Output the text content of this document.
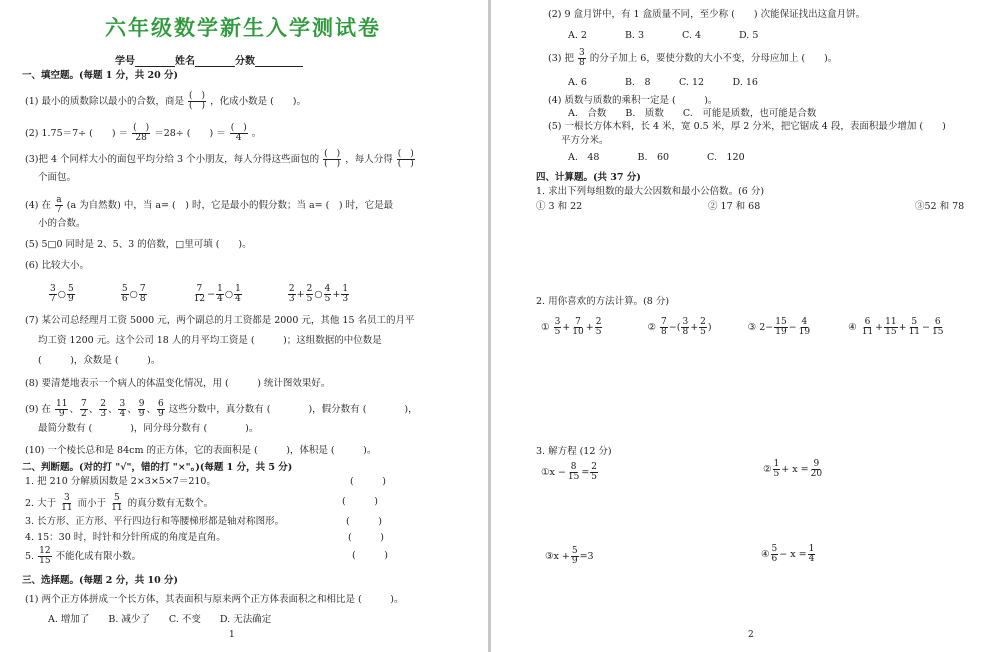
六年级数学新生入学测试卷
学号	姓名	分数
一、填空题。(每题 1 分，共 20 分)
(1) 最小的质数除以最小的合数，商是 $\frac{( )}{( )}$ ，化成小数是 (　　)。
(2) 1.75＝7÷ (　　) ＝ $\frac{( )}{28} =28\div$ (　　) ＝ $\frac{( )}{4}$ 。
(3)把 4 个同样大小的面包平均分给 3 个小朋友，每人分得这些面包的 $\frac{( )}{( )}$ ，每人分得 $\frac{( )}{( )}$
个面包。
(4) 在 $\frac{a}{7} (a$ 为自然数) 中，当 a= (　) 时，它是最小的假分数；当 a= (　) 时，它是最
小的合数。
(5) 5□0 同时是 2、5、3 的倍数，□里可填 (　　)。
(6) 比较大小。
$\frac{3}{7}$ ○ $\frac{5}{9}$
	$\frac{5}{6}$ ○ $\frac{7}{8}$
	$\frac{7}{12} - \frac{1}{4}$ ○ $\frac{1}{4}$
	$\frac{2}{3} + \frac{2}{5}$ ○ $\frac{4}{5} + \frac{1}{3}$
(7) 某公司总经理月工资 5000 元，两个副总的月工资都是 2000 元，其他 15 名员工的月平
均工资 1200 元。这个公司 18 人的月平均工资是 (　　　)；这组数据的中位数是
(　　　)，众数是 (　　　)。
(8) 要清楚地表示一个病人的体温变化情况，用 (　　　) 统计图效果好。
(9) 在 $\frac{11}{9}$ 、 $\frac{7}{2}$ 、 $\frac{2}{3}$ 、 $\frac{3}{4}$ 、 $\frac{9}{9}$ 、 $\frac{6}{9}$ 这些分数中，真分数有 (　　　　)，假分数有 (　　　　)，
最简分数有 (　　　　)，同分母分数有 (　　　　)。
(10) 一个棱长总和是 84cm 的正方体，它的表面积是 (　　　)，体积是 (　　　)。
二、判断题。(对的打 "√"，错的打 "×"。)(每题 1 分，共 5 分)
1. 把 210 分解质因数是 2×3×5×7＝210。	(　　　)
2. 大于 $\frac{3}{11}$ 而小于 $\frac{5}{11}$ 的真分数有无数个。	(　　　)
3. 长方形、正方形、平行四边行和等腰梯形都是轴对称图形。	(　　　)
4. 15：30 时，时针和分针所成的角度是直角。	(　　　)
5. $\frac{12}{15}$ 不能化成有限小数。	(　　　)
三、选择题。(每题 2 分，共 10 分)
(1) 两个正方体拼成一个长方体，其表面积与原来两个正方体表面积之和相比是 (　　　)。
A. 增加了　　B. 减少了　　C. 不变　　D. 无法确定
1
(2) 9 盒月饼中，有 1 盒质量不同，至少称 (　　) 次能保证找出这盒月饼。
A. 2　　　　B. 3　　　　C. 4　　　　D. 5
(3) 把 $\frac{3}{8}$ 的分子加上 6，要使分数的大小不变，分母应加上 (　　)。
A. 6　　　　B.　8　　　C. 12　　　D. 16
(4) 质数与质数的乘积一定是 (　　　)。
A.　合数　　B.　质数　　C.　可能是质数，也可能是合数
(5) 一根长方体木料，长 4 米，宽 0.5 米，厚 2 分米，把它锯成 4 段，表面积最少增加 (　　)
平方分米。
A.　48　　　　B.　60　　　　C.　120
四、计算题。(共 37 分)
1. 求出下列每组数的最大公因数和最小公倍数。(6 分)
① 3 和 22	② 17 和 68	③52 和 78
2. 用你喜欢的方法计算。(8 分)
① $\frac{3}{5} + \frac{7}{10} + \frac{2}{5}$	② $\frac{7}{8}$ −( $\frac{3}{8} + \frac{2}{5}$ )	③ $2- \frac{15}{19} - \frac{4}{19}$	④ $\frac{6}{11} + \frac{11}{15} + \frac{5}{11} - \frac{6}{15}$
3. 解方程 (12 分)
①x − $\frac{8}{15} = \frac{2}{5}$	② $\frac{1}{5} + x = \frac{9}{20}$
③x + $\frac{5}{9} =3$	④ $\frac{5}{6} - x = \frac{1}{4}$
2
